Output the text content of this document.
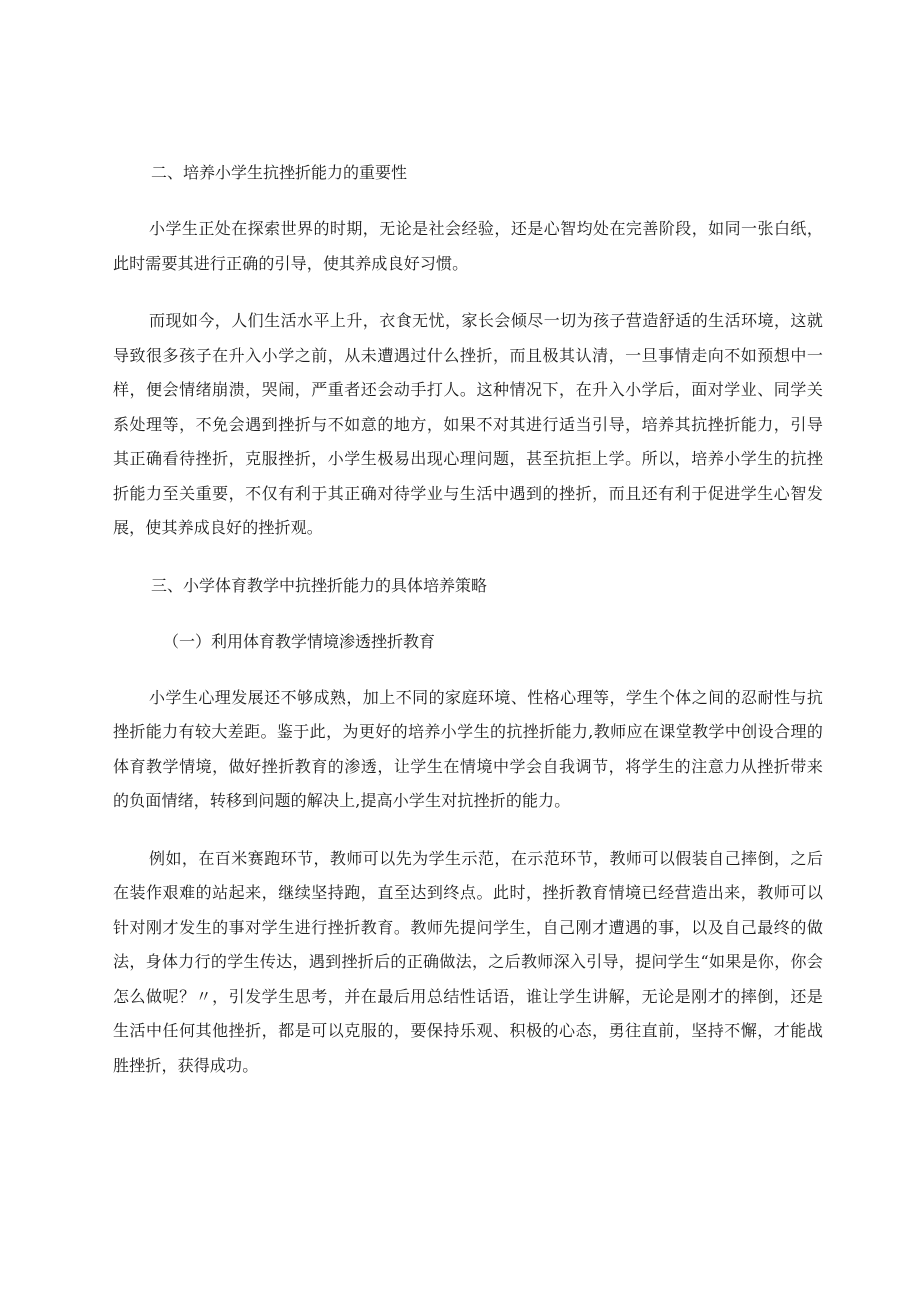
二、培养小学生抗挫折能力的重要性

小学生正处在探索世界的时期，无论是社会经验，还是心智均处在完善阶段，如同一张白纸，此时需要其进行正确的引导，使其养成良好习惯。

而现如今，人们生活水平上升，衣食无忧，家长会倾尽一切为孩子营造舒适的生活环境，这就导致很多孩子在升入小学之前，从未遭遇过什么挫折，而且极其认清，一旦事情走向不如预想中一样，便会情绪崩溃，哭闹，严重者还会动手打人。这种情况下，在升入小学后，面对学业、同学关系处理等，不免会遇到挫折与不如意的地方，如果不对其进行适当引导，培养其抗挫折能力，引导其正确看待挫折，克服挫折，小学生极易出现心理问题，甚至抗拒上学。所以，培养小学生的抗挫折能力至关重要，不仅有利于其正确对待学业与生活中遇到的挫折，而且还有利于促进学生心智发展，使其养成良好的挫折观。

三、小学体育教学中抗挫折能力的具体培养策略

（一）利用体育教学情境渗透挫折教育

小学生心理发展还不够成熟，加上不同的家庭环境、性格心理等，学生个体之间的忍耐性与抗挫折能力有较大差距。鉴于此，为更好的培养小学生的抗挫折能力,教师应在课堂教学中创设合理的体育教学情境，做好挫折教育的渗透，让学生在情境中学会自我调节，将学生的注意力从挫折带来的负面情绪，转移到问题的解决上,提高小学生对抗挫折的能力。

例如，在百米赛跑环节，教师可以先为学生示范，在示范环节，教师可以假装自己摔倒，之后在装作艰难的站起来，继续坚持跑，直至达到终点。此时，挫折教育情境已经营造出来，教师可以针对刚才发生的事对学生进行挫折教育。教师先提问学生，自己刚才遭遇的事，以及自己最终的做法，身体力行的学生传达，遇到挫折后的正确做法，之后教师深入引导，提问学生“如果是你，你会怎么做呢？〃，引发学生思考，并在最后用总结性话语，谁让学生讲解，无论是刚才的摔倒，还是生活中任何其他挫折，都是可以克服的，要保持乐观、积极的心态，勇往直前，坚持不懈，才能战胜挫折，获得成功。
